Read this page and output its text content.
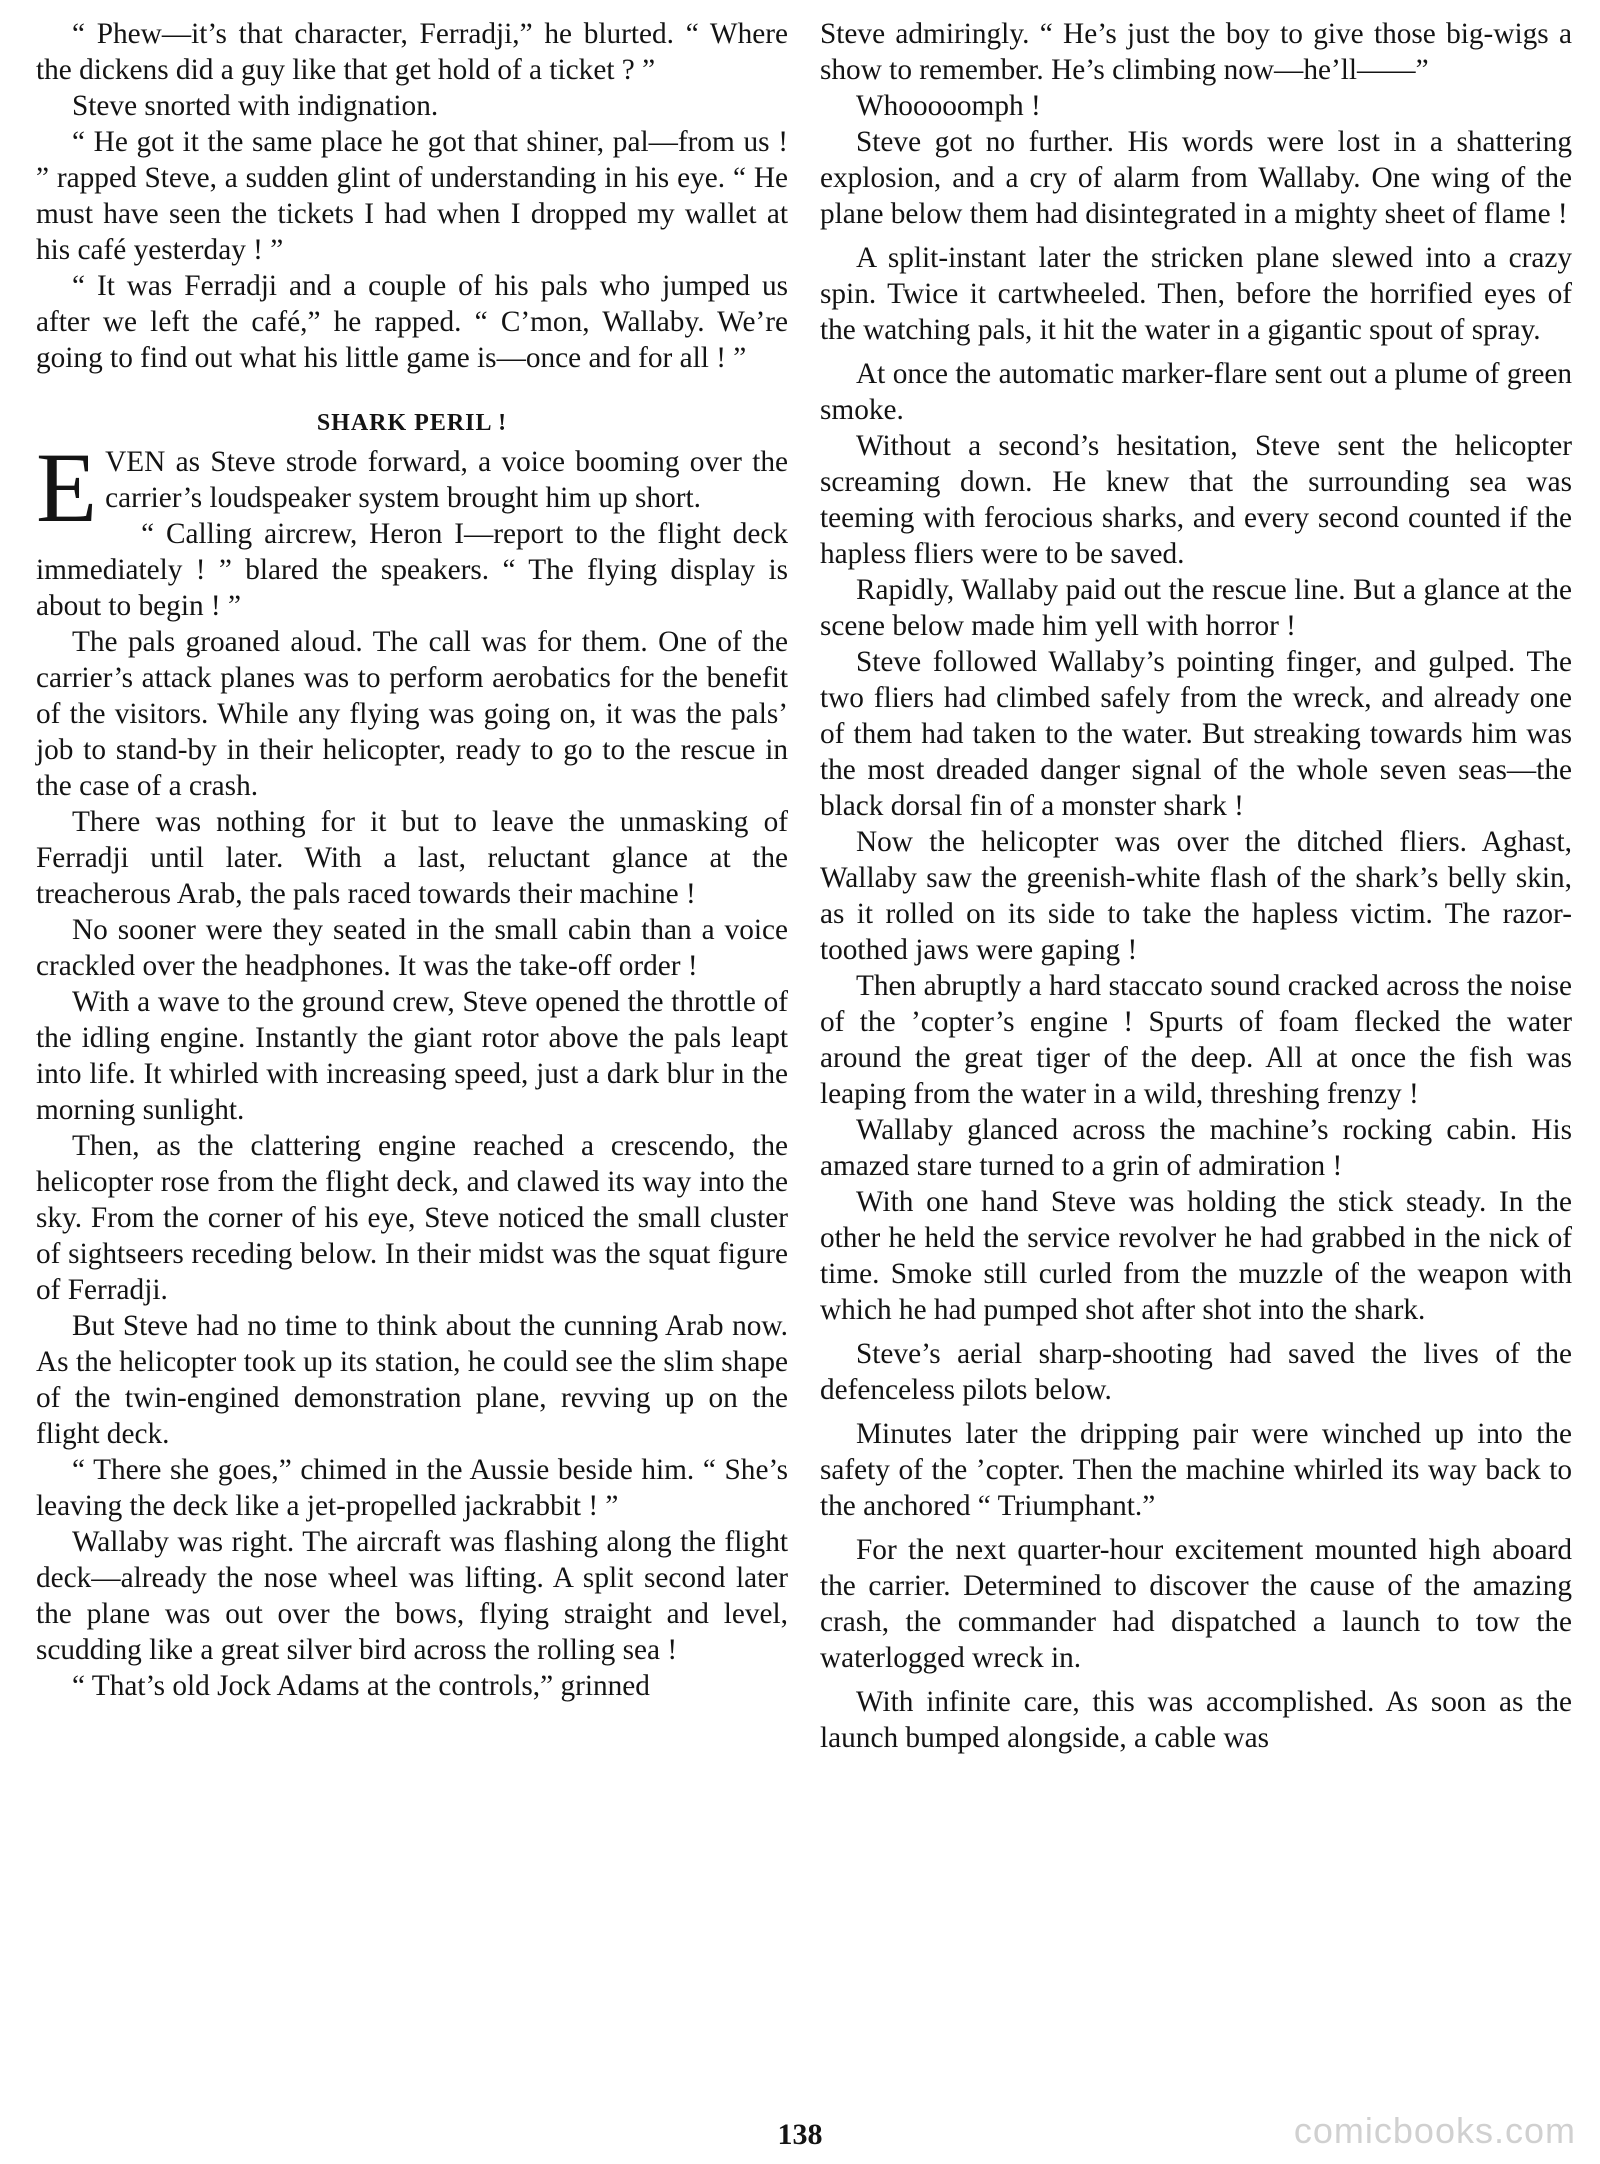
“ Phew—it’s that character, Ferradji,” he blurted. “ Where the dickens did a guy like that get hold of a ticket ? ”

Steve snorted with indignation.

“ He got it the same place he got that shiner, pal—from us ! ” rapped Steve, a sudden glint of understanding in his eye. “ He must have seen the tickets I had when I dropped my wallet at his café yesterday ! ”

“ It was Ferradji and a couple of his pals who jumped us after we left the café,” he rapped. “ C’mon, Wallaby. We’re going to find out what his little game is—once and for all ! ”

SHARK PERIL !

EVEN as Steve strode forward, a voice booming over the carrier’s loudspeaker system brought him up short.

“ Calling aircrew, Heron I—report to the flight deck immediately ! ” blared the speakers. “ The flying display is about to begin ! ”

The pals groaned aloud. The call was for them. One of the carrier’s attack planes was to perform aerobatics for the benefit of the visitors. While any flying was going on, it was the pals’ job to stand-by in their helicopter, ready to go to the rescue in the case of a crash.

There was nothing for it but to leave the unmasking of Ferradji until later. With a last, reluctant glance at the treacherous Arab, the pals raced towards their machine !

No sooner were they seated in the small cabin than a voice crackled over the headphones. It was the take-off order !

With a wave to the ground crew, Steve opened the throttle of the idling engine. Instantly the giant rotor above the pals leapt into life. It whirled with increasing speed, just a dark blur in the morning sunlight.

Then, as the clattering engine reached a crescendo, the helicopter rose from the flight deck, and clawed its way into the sky. From the corner of his eye, Steve noticed the small cluster of sightseers receding below. In their midst was the squat figure of Ferradji.

But Steve had no time to think about the cunning Arab now. As the helicopter took up its station, he could see the slim shape of the twin-engined demonstration plane, revving up on the flight deck.

“ There she goes,” chimed in the Aussie beside him. “ She’s leaving the deck like a jet-propelled jackrabbit ! ”

Wallaby was right. The aircraft was flashing along the flight deck—already the nose wheel was lifting. A split second later the plane was out over the bows, flying straight and level, scudding like a great silver bird across the rolling sea !

“ That’s old Jock Adams at the controls,” grinned

Steve admiringly. “ He’s just the boy to give those big-wigs a show to remember. He’s climbing now—he’ll——”

Whooooomph !

Steve got no further. His words were lost in a shattering explosion, and a cry of alarm from Wallaby. One wing of the plane below them had disintegrated in a mighty sheet of flame !

A split-instant later the stricken plane slewed into a crazy spin. Twice it cartwheeled. Then, before the horrified eyes of the watching pals, it hit the water in a gigantic spout of spray.

At once the automatic marker-flare sent out a plume of green smoke.

Without a second’s hesitation, Steve sent the helicopter screaming down. He knew that the surrounding sea was teeming with ferocious sharks, and every second counted if the hapless fliers were to be saved.

Rapidly, Wallaby paid out the rescue line. But a glance at the scene below made him yell with horror !

Steve followed Wallaby’s pointing finger, and gulped. The two fliers had climbed safely from the wreck, and already one of them had taken to the water. But streaking towards him was the most dreaded danger signal of the whole seven seas—the black dorsal fin of a monster shark !

Now the helicopter was over the ditched fliers. Aghast, Wallaby saw the greenish-white flash of the shark’s belly skin, as it rolled on its side to take the hapless victim. The razor-toothed jaws were gaping !

Then abruptly a hard staccato sound cracked across the noise of the ’copter’s engine ! Spurts of foam flecked the water around the great tiger of the deep. All at once the fish was leaping from the water in a wild, threshing frenzy !

Wallaby glanced across the machine’s rocking cabin. His amazed stare turned to a grin of admiration !

With one hand Steve was holding the stick steady. In the other he held the service revolver he had grabbed in the nick of time. Smoke still curled from the muzzle of the weapon with which he had pumped shot after shot into the shark.

Steve’s aerial sharp-shooting had saved the lives of the defenceless pilots below.

Minutes later the dripping pair were winched up into the safety of the ’copter. Then the machine whirled its way back to the anchored “ Triumphant.”

For the next quarter-hour excitement mounted high aboard the carrier. Determined to discover the cause of the amazing crash, the commander had dispatched a launch to tow the waterlogged wreck in.

With infinite care, this was accomplished. As soon as the launch bumped alongside, a cable was

138	comicbooks.com
